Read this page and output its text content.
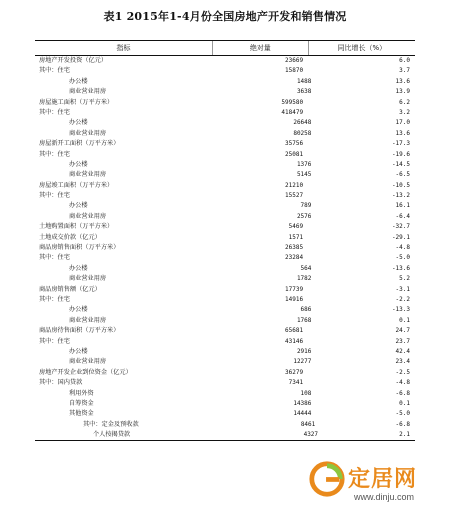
表1 2015年1-4月份全国房地产开发和销售情况
指标	绝对量	同比增长（%）
房地产开发投资（亿元）	23669	6.0
其中：住宅	15870	3.7
办公楼	1488	13.6
商业营业用房	3638	13.9
房屋施工面积（万平方米）	599580	6.2
其中：住宅	418479	3.2
办公楼	26648	17.0
商业营业用房	80258	13.6
房屋新开工面积（万平方米）	35756	-17.3
其中：住宅	25081	-19.6
办公楼	1376	-14.5
商业营业用房	5145	-6.5
房屋竣工面积（万平方米）	21210	-10.5
其中：住宅	15527	-13.2
办公楼	789	16.1
商业营业用房	2576	-6.4
土地购置面积（万平方米）	5469	-32.7
土地成交价款（亿元）	1571	-29.1
商品房销售面积（万平方米）	26385	-4.8
其中：住宅	23284	-5.0
办公楼	564	-13.6
商业营业用房	1782	5.2
商品房销售额（亿元）	17739	-3.1
其中：住宅	14916	-2.2
办公楼	686	-13.3
商业营业用房	1768	0.1
商品房待售面积（万平方米）	65681	24.7
其中：住宅	43146	23.7
办公楼	2916	42.4
商业营业用房	12277	23.4
房地产开发企业到位资金（亿元）	36279	-2.5
其中：国内贷款	7341	-4.8
利用外资	108	-6.8
自筹资金	14386	0.1
其他资金	14444	-5.0
其中：定金及预收款	8461	-6.8
个人按揭贷款	4327	2.1
定居网
www.dinju.com
